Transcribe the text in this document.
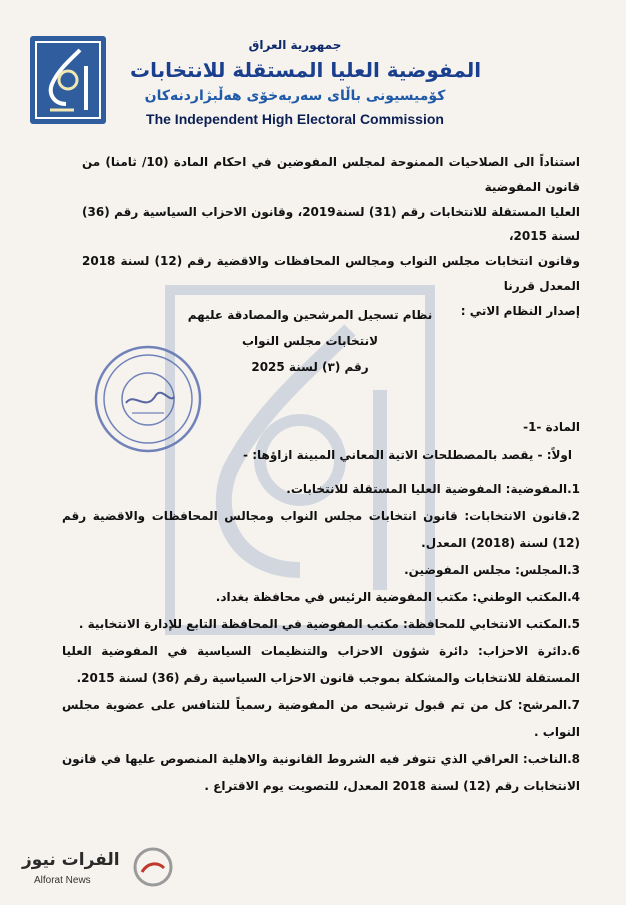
جمهورية العراق
المفوضية العليا المستقلة للانتخابات
كۆمیسیونی باڵای سەربەخۆی هەڵبژاردنەکان
The Independent High Electoral Commission

استناداً الى الصلاحيات الممنوحة لمجلس المفوضين في احكام المادة (10/ ثامنا) من قانون المفوضية

العليا المستقلة للانتخابات رقم (31) لسنة2019، وقانون الاحزاب السياسية رقم (36) لسنة 2015،

وقانون انتخابات مجلس النواب ومجالس المحافظات والاقضية رقم (12) لسنة 2018 المعدل قررنا

إصدار النظام الاتي :

نظام تسجيل المرشحين والمصادقة عليهم
لانتخابات مجلس النواب
رقم (٣) لسنة 2025
المادة -1-
اولاً: - يقصد بالمصطلحات الاتية المعاني المبينة ازاؤها: -

1.المفوضية: المفوضية العليا المستقلة للانتخابات.

2.قانون الانتخابات: قانون انتخابات مجلس النواب ومجالس المحافظات والاقضية رقم (12) لسنة (2018) المعدل.

3.المجلس: مجلس المفوضين.

4.المكتب الوطني: مكتب المفوضية الرئيس في محافظة بغداد.

5.المكتب الانتخابي للمحافظة: مكتب المفوضية في المحافظة التابع للإدارة الانتخابية .

6.دائرة الاحزاب: دائرة شؤون الاحزاب والتنظيمات السياسية في المفوضية العليا المستقلة للانتخابات والمشكلة بموجب قانون الاحزاب السياسية رقم (36) لسنة 2015.

7.المرشح: كل من تم قبول ترشيحه من المفوضية رسمياً للتنافس على عضوية مجلس النواب .

8.الناخب: العراقي الذي تتوفر فيه الشروط القانونية والاهلية المنصوص عليها في قانون الانتخابات رقم (12) لسنة 2018 المعدل، للتصويت يوم الاقتراع .

الفرات نيوز
Alforat News
